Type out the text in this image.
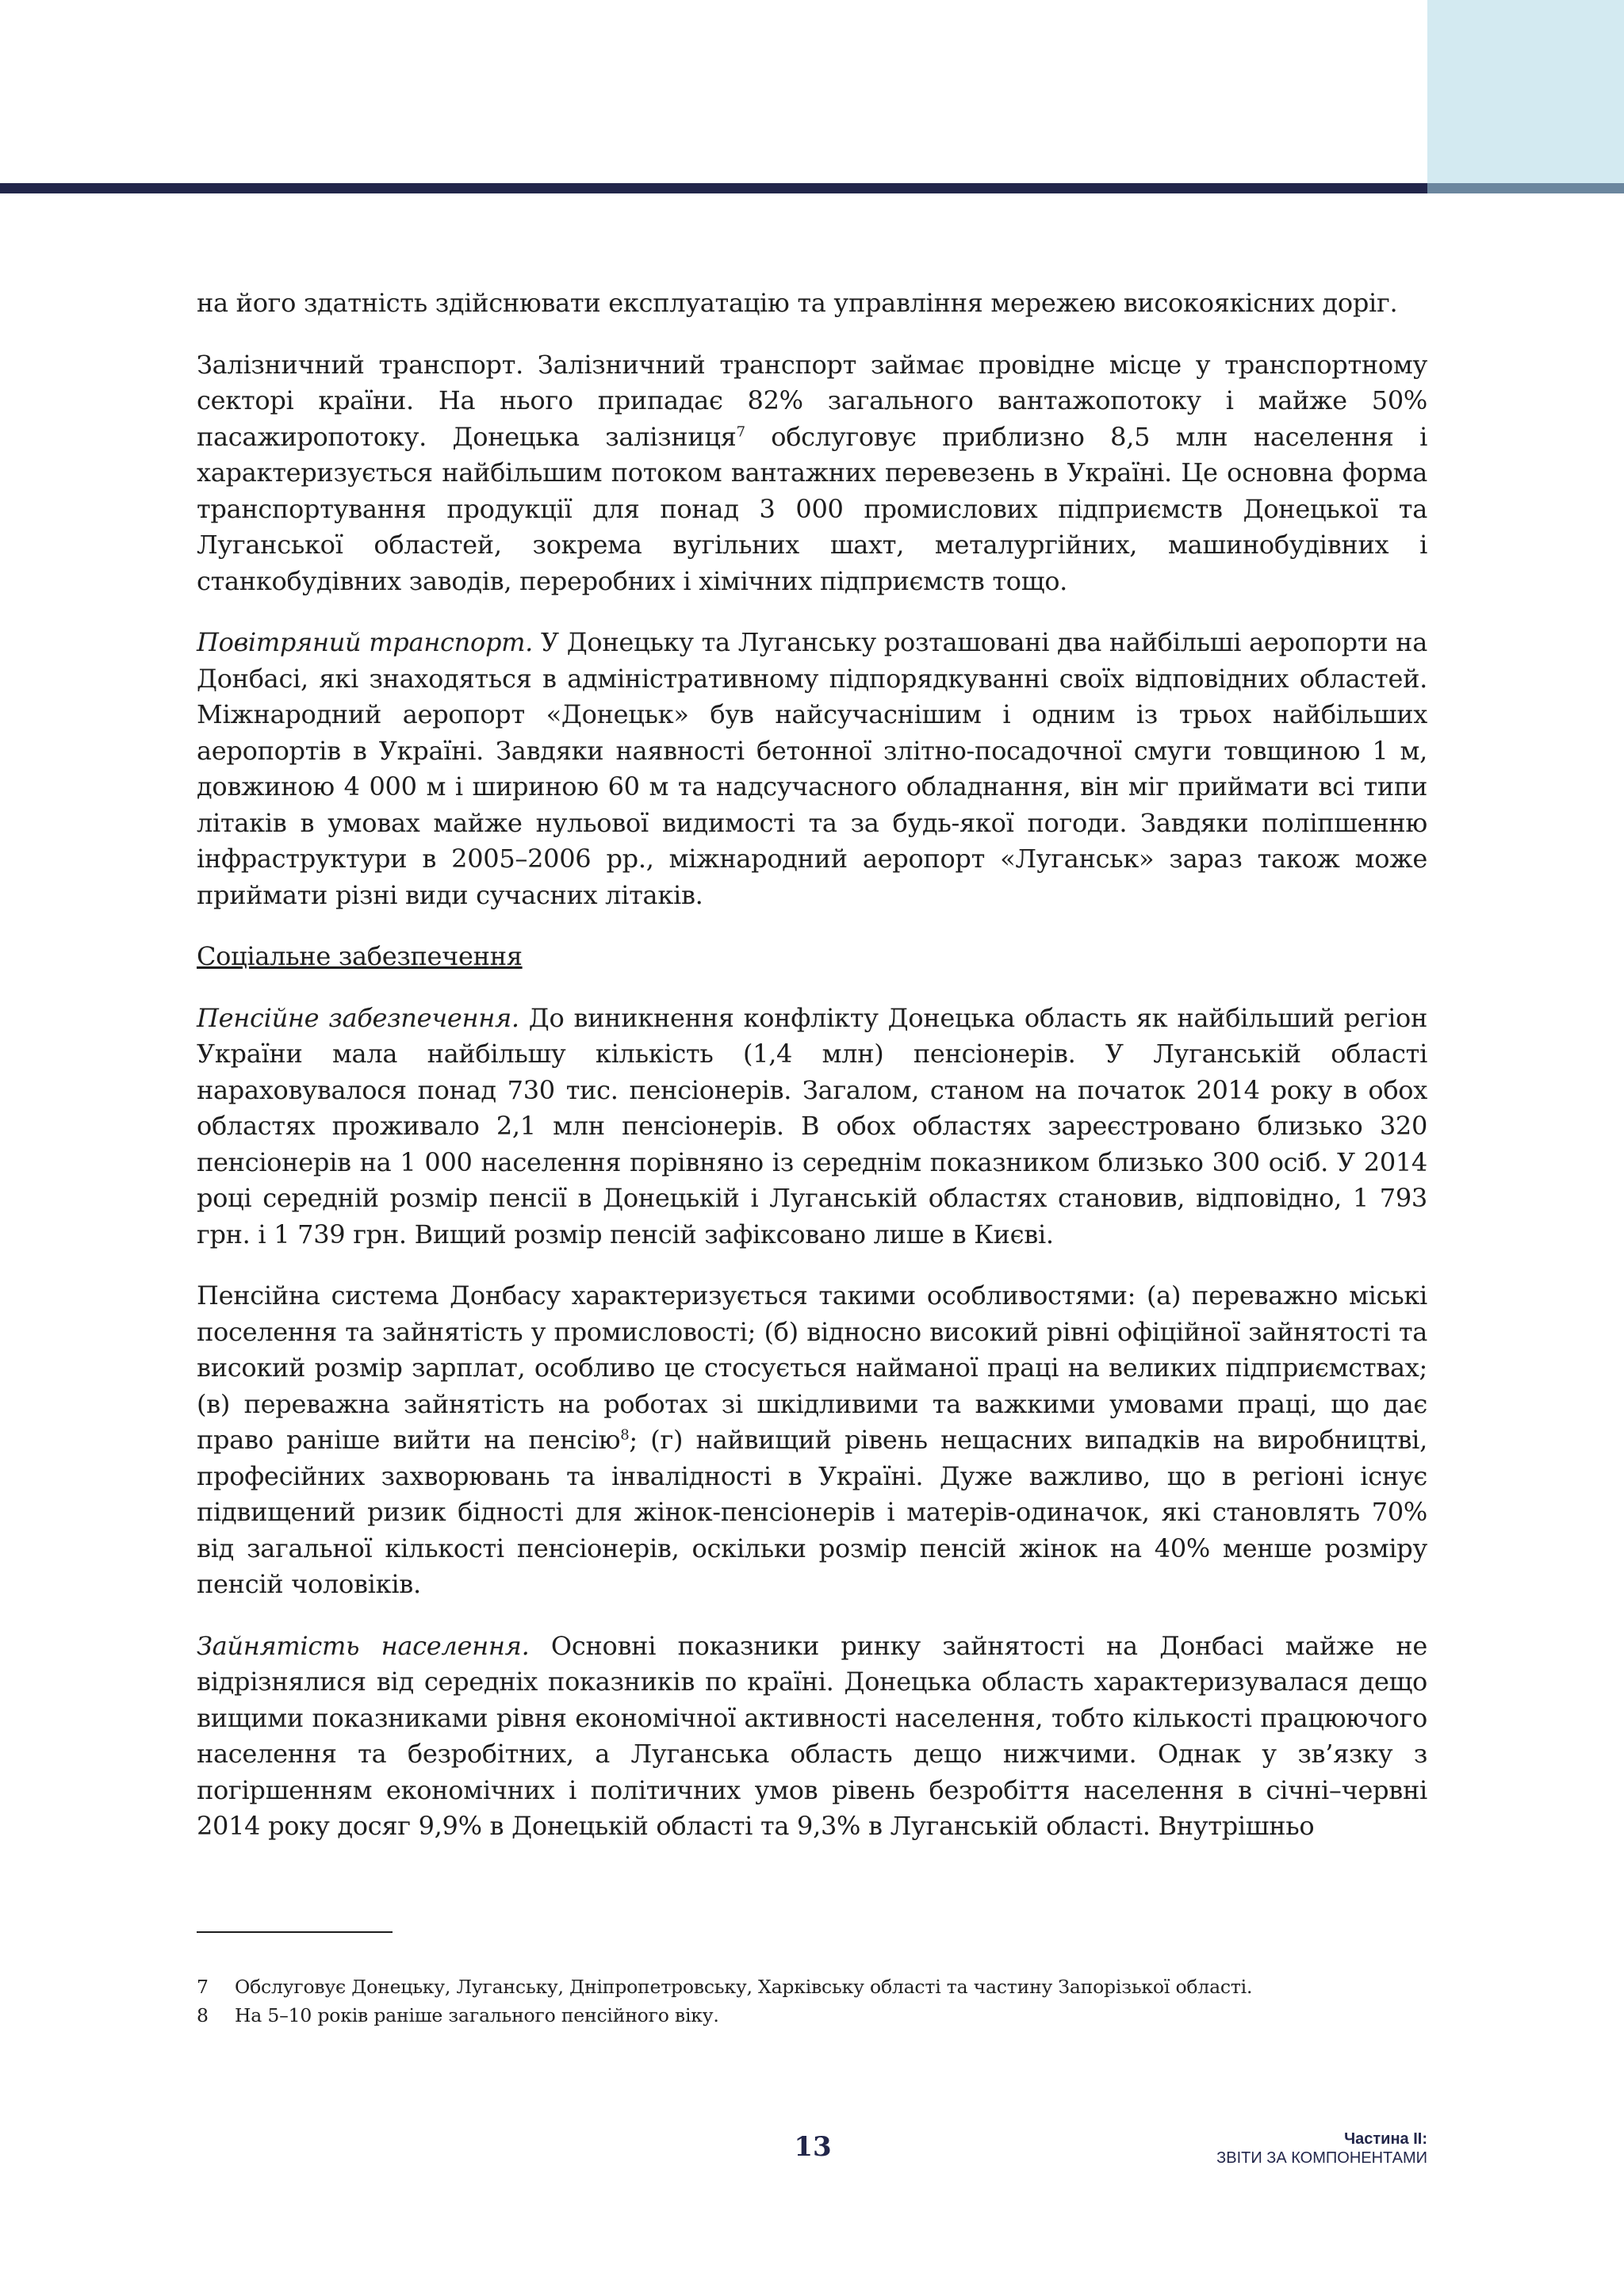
на його здатність здійснювати експлуатацію та управління мережею високоякісних доріг.

Залізничний транспорт. Залізничний транспорт займає провідне місце у транспортному секторі країни. На нього припадає 82% загального вантажопотоку і майже 50% пасажиропотоку. Донецька залізниця$^7$ обслуговує приблизно 8,5 млн населення і характеризується найбільшим потоком вантажних перевезень в Україні. Це основна форма транспортування продукції для понад 3 000 промислових підприємств Донецької та Луганської областей, зокрема вугільних шахт, металургійних, машинобудівних і станкобудівних заводів, переробних і хімічних підприємств тощо.

Повітряний транспорт. У Донецьку та Луганську розташовані два найбільші аеропорти на Донбасі, які знаходяться в адміністративному підпорядкуванні своїх відповідних областей. Міжнародний аеропорт «Донецьк» був найсучаснішим і одним із трьох найбільших аеропортів в Україні. Завдяки наявності бетонної злітно-посадочної смуги товщиною 1 м, довжиною 4 000 м і шириною 60 м та надсучасного обладнання, він міг приймати всі типи літаків в умовах майже нульової видимості та за будь-якої погоди. Завдяки поліпшенню інфраструктури в 2005–2006 рр., міжнародний аеропорт «Луганськ» зараз також може приймати різні види сучасних літаків.

Соціальне забезпечення

Пенсійне забезпечення. До виникнення конфлікту Донецька область як найбільший регіон України мала найбільшу кількість (1,4 млн) пенсіонерів. У Луганській області нараховувалося понад 730 тис. пенсіонерів. Загалом, станом на початок 2014 року в обох областях проживало 2,1 млн пенсіонерів. В обох областях зареєстровано близько 320 пенсіонерів на 1 000 населення порівняно із середнім показником близько 300 осіб. У 2014 році середній розмір пенсії в Донецькій і Луганській областях становив, відповідно, 1 793 грн. і 1 739 грн. Вищий розмір пенсій зафіксовано лише в Києві.

Пенсійна система Донбасу характеризується такими особливостями: (а) переважно міські поселення та зайнятість у промисловості; (б) відносно високий рівні офіційної зайнятості та високий розмір зарплат, особливо це стосується найманої праці на великих підприємствах; (в) переважна зайнятість на роботах зі шкідливими та важкими умовами праці, що дає право раніше вийти на пенсію$^8$; (г) найвищий рівень нещасних випадків на виробництві, професійних захворювань та інвалідності в Україні. Дуже важливо, що в регіоні існує підвищений ризик бідності для жінок-пенсіонерів і матерів-одиначок, які становлять 70% від загальної кількості пенсіонерів, оскільки розмір пенсій жінок на 40% менше розміру пенсій чоловіків.

Зайнятість населення. Основні показники ринку зайнятості на Донбасі майже не відрізнялися від середніх показників по країні. Донецька область характеризувалася дещо вищими показниками рівня економічної активності населення, тобто кількості працюючого населення та безробітних, а Луганська область дещо нижчими. Однак у зв’язку з погіршенням економічних і політичних умов рівень безробіття населення в січні–червні 2014 року досяг 9,9% в Донецькій області та 9,3% в Луганській області. Внутрішньо

7	Обслуговує Донецьку, Луганську, Дніпропетровську, Харківську області та частину Запорізької області.
8	На 5–10 років раніше загального пенсійного віку.
13	Частина II:
ЗВІТИ ЗА КОМПОНЕНТАМИ
